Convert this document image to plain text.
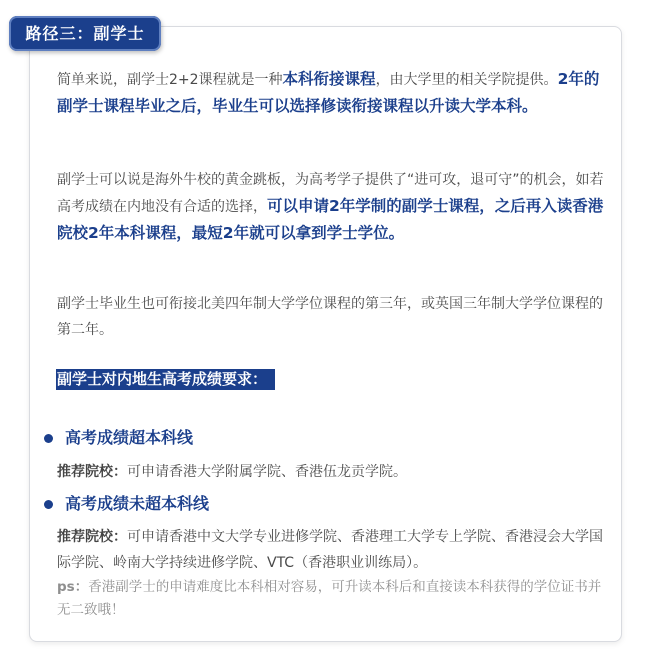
路径三：副学士

简单来说，副学士2+2课程就是一种本科衔接课程，由大学里的相关学院提供。2年的副学士课程毕业之后，毕业生可以选择修读衔接课程以升读大学本科。

副学士可以说是海外牛校的黄金跳板，为高考学子提供了“进可攻，退可守”的机会，如若高考成绩在内地没有合适的选择，可以申请2年学制的副学士课程，之后再入读香港院校2年本科课程，最短2年就可以拿到学士学位。

副学士毕业生也可衔接北美四年制大学学位课程的第三年，或英国三年制大学学位课程的第二年。

副学士对内地生高考成绩要求：
高考成绩超本科线

推荐院校：可申请香港大学附属学院、香港伍龙贡学院。

高考成绩未超本科线

推荐院校：可申请香港中文大学专业进修学院、香港理工大学专上学院、香港浸会大学国际学院、岭南大学持续进修学院、VTC（香港职业训练局）。

ps：香港副学士的申请难度比本科相对容易，可升读本科后和直接读本科获得的学位证书并无二致哦！
